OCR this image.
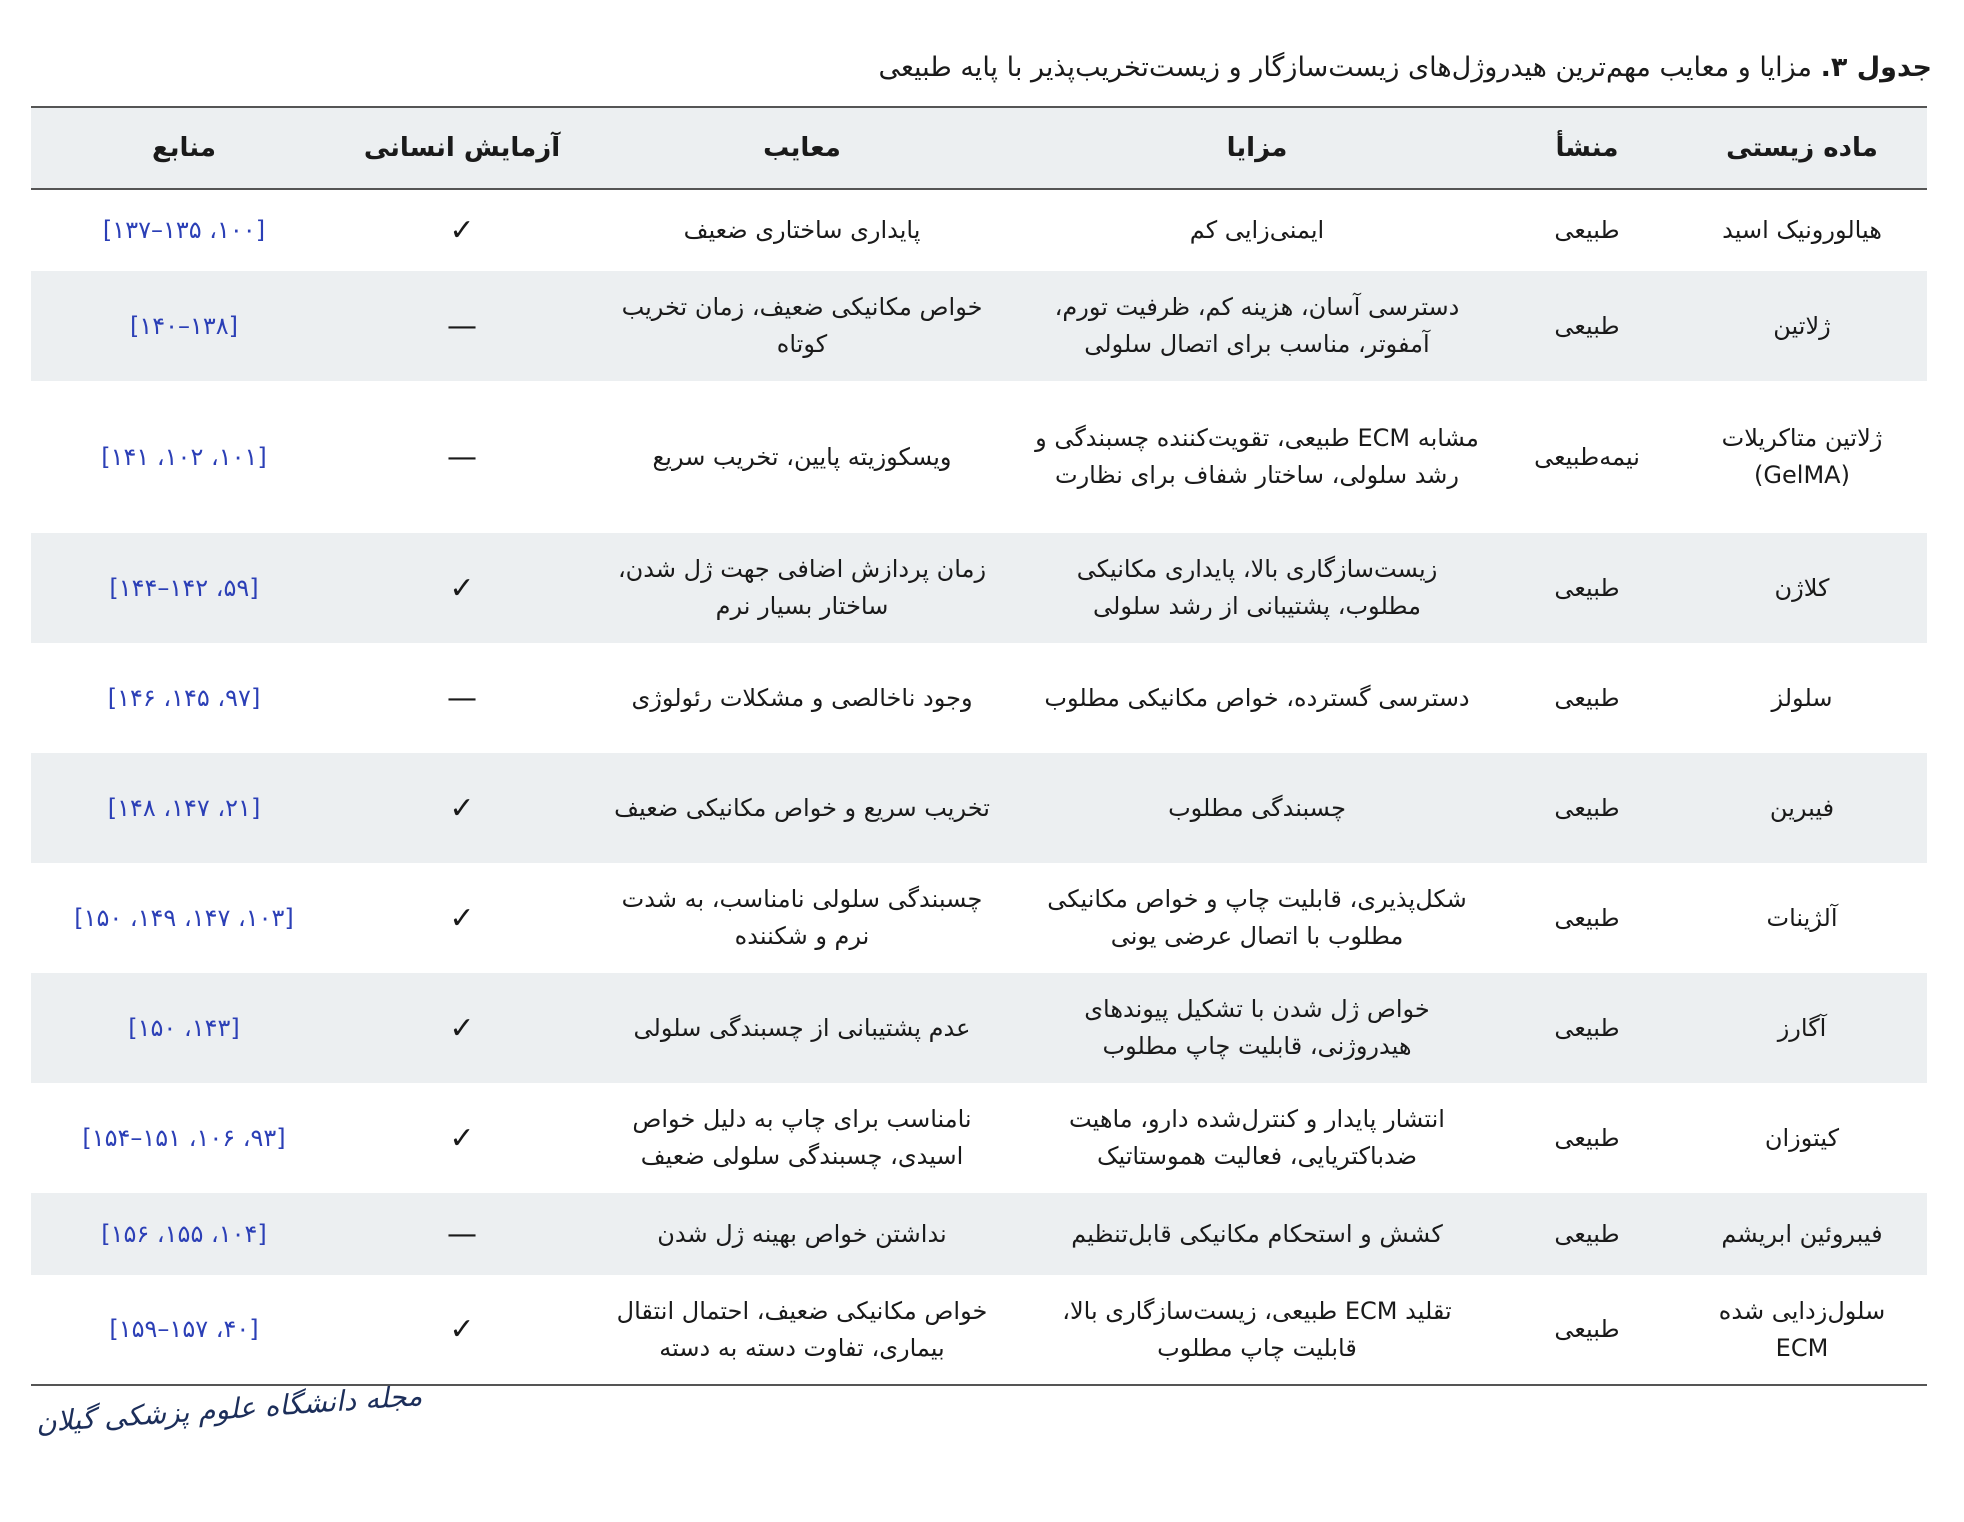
جدول ۳. مزایا و معایب مهم‌ترین هیدروژل‌های زیست‌سازگار و زیست‌تخریب‌پذیر با پایه طبیعی
ماده زیستی	منشأ	مزایا	معایب	آزمایش انسانی	منابع
هیالورونیک اسید	طبیعی	ایمنی‌زایی کم	پایداری ساختاری ضعیف	✓	[۱۰۰، ۱۳۵–۱۳۷]
ژلاتین	طبیعی	دسترسی آسان، هزینه کم، ظرفیت تورم، آمفوتر، مناسب برای اتصال سلولی	خواص مکانیکی ضعیف، زمان تخریب کوتاه	—	[۱۳۸–۱۴۰]
ژلاتین متاکریلات (GelMA)	نیمه‌طبیعی	مشابه ECM طبیعی، تقویت‌کننده چسبندگی و رشد سلولی، ساختار شفاف برای نظارت	ویسکوزیته پایین، تخریب سریع	—	[۱۰۱، ۱۰۲، ۱۴۱]
کلاژن	طبیعی	زیست‌سازگاری بالا، پایداری مکانیکی مطلوب، پشتیبانی از رشد سلولی	زمان پردازش اضافی جهت ژل شدن، ساختار بسیار نرم	✓	[۵۹، ۱۴۲–۱۴۴]
سلولز	طبیعی	دسترسی گسترده، خواص مکانیکی مطلوب	وجود ناخالصی و مشکلات رئولوژی	—	[۹۷، ۱۴۵، ۱۴۶]
فیبرین	طبیعی	چسبندگی مطلوب	تخریب سریع و خواص مکانیکی ضعیف	✓	[۲۱، ۱۴۷، ۱۴۸]
آلژینات	طبیعی	شکل‌پذیری، قابلیت چاپ و خواص مکانیکی مطلوب با اتصال عرضی یونی	چسبندگی سلولی نامناسب، به شدت نرم و شکننده	✓	[۱۰۳، ۱۴۷، ۱۴۹، ۱۵۰]
آگارز	طبیعی	خواص ژل شدن با تشکیل پیوندهای هیدروژنی، قابلیت چاپ مطلوب	عدم پشتیبانی از چسبندگی سلولی	✓	[۱۴۳، ۱۵۰]
کیتوزان	طبیعی	انتشار پایدار و کنترل‌شده دارو، ماهیت ضدباکتریایی، فعالیت هموستاتیک	نامناسب برای چاپ به دلیل خواص اسیدی، چسبندگی سلولی ضعیف	✓	[۹۳، ۱۰۶، ۱۵۱–۱۵۴]
فیبروئین ابریشم	طبیعی	کشش و استحکام مکانیکی قابل‌تنظیم	نداشتن خواص بهینه ژل شدن	—	[۱۰۴، ۱۵۵، ۱۵۶]
سلول‌زدایی شده ECM	طبیعی	تقلید ECM طبیعی، زیست‌سازگاری بالا، قابلیت چاپ مطلوب	خواص مکانیکی ضعیف، احتمال انتقال بیماری، تفاوت دسته به دسته	✓	[۴۰، ۱۵۷–۱۵۹]
مجله دانشگاه علوم پزشکی گیلان
